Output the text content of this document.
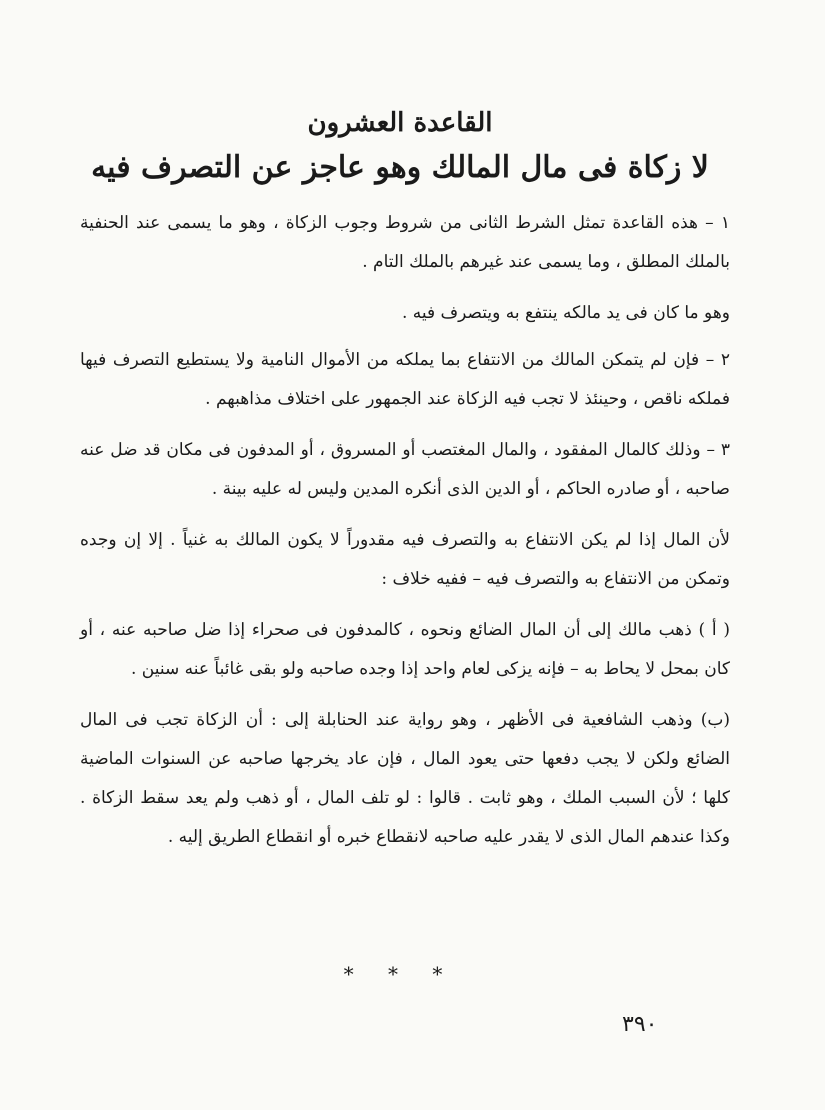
القاعدة العشرون
لا زكاة فى مال المالك وهو عاجز عن التصرف فيه

١ – هذه القاعدة تمثل الشرط الثانى من شروط وجوب الزكاة ، وهو ما يسمى عند الحنفية بالملك المطلق ، وما يسمى عند غيرهم بالملك التام .

وهو ما كان فى يد مالكه ينتفع به ويتصرف فيه .

٢ – فإن لم يتمكن المالك من الانتفاع بما يملكه من الأموال النامية ولا يستطيع التصرف فيها فملكه ناقص ، وحينئذ لا تجب فيه الزكاة عند الجمهور على اختلاف مذاهبهم .

٣ – وذلك كالمال المفقود ، والمال المغتصب أو المسروق ، أو المدفون فى مكان قد ضل عنه صاحبه ، أو صادره الحاكم ، أو الدين الذى أنكره المدين وليس له عليه بينة .

لأن المال إذا لم يكن الانتفاع به والتصرف فيه مقدوراً لا يكون المالك به غنياً . إلا إن وجده وتمكن من الانتفاع به والتصرف فيه – ففيه خلاف :

( أ ) ذهب مالك إلى أن المال الضائع ونحوه ، كالمدفون فى صحراء إذا ضل صاحبه عنه ، أو كان بمحل لا يحاط به – فإنه يزكى لعام واحد إذا وجده صاحبه ولو بقى غائباً عنه سنين .

(ب) وذهب الشافعية فى الأظهر ، وهو رواية عند الحنابلة إلى : أن الزكاة تجب فى المال الضائع ولكن لا يجب دفعها حتى يعود المال ، فإن عاد يخرجها صاحبه عن السنوات الماضية كلها ؛ لأن السبب الملك ، وهو ثابت . قالوا : لو تلف المال ، أو ذهب ولم يعد سقط الزكاة . وكذا عندهم المال الذى لا يقدر عليه صاحبه لانقطاع خبره أو انقطاع الطريق إليه .

* * *
٣٩٠
